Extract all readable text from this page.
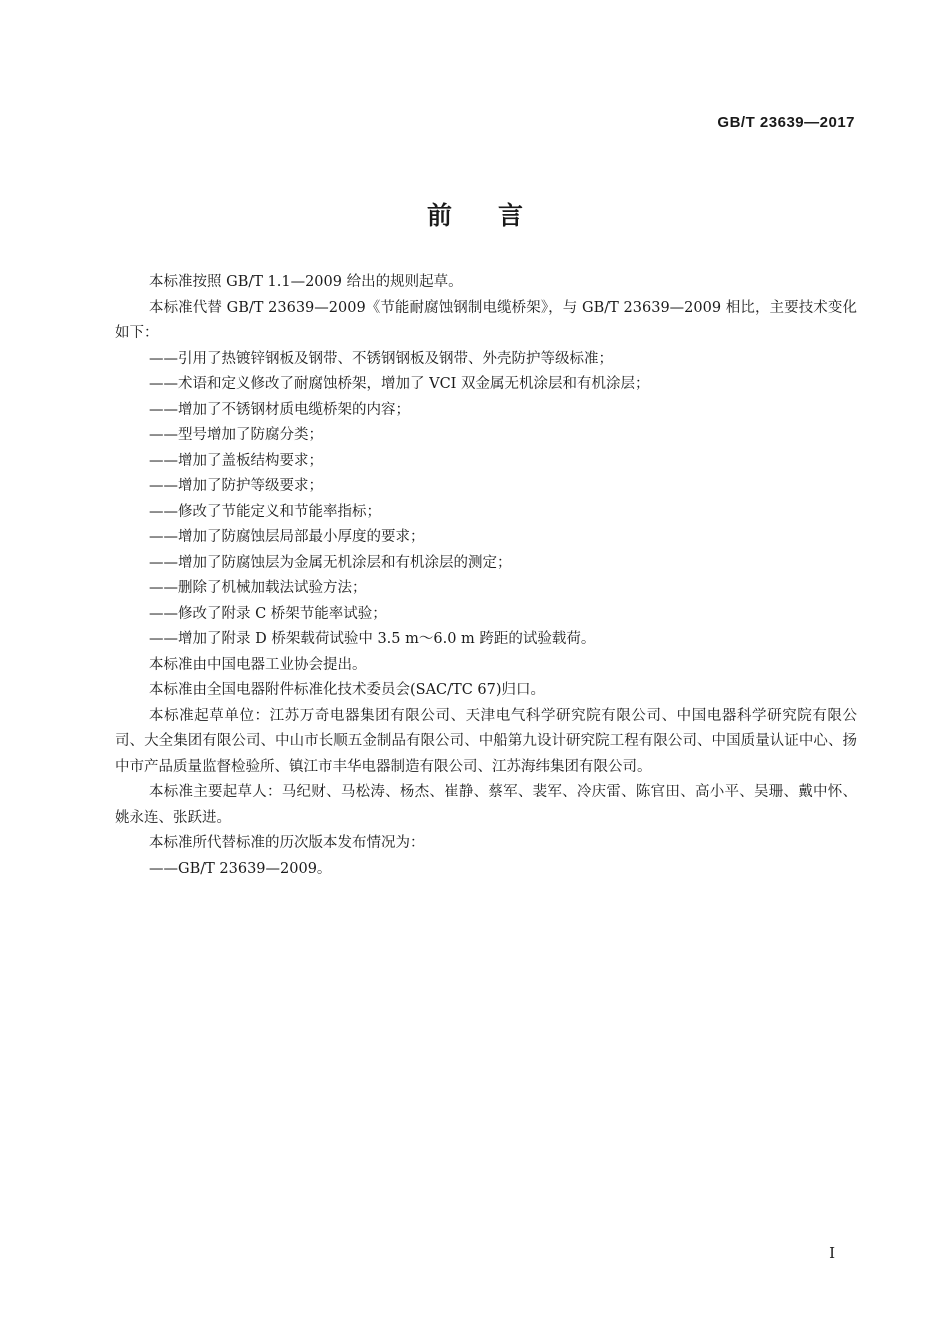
GB/T 23639—2017
前言

本标准按照 GB/T 1.1—2009 给出的规则起草。

本标准代替 GB/T 23639—2009《节能耐腐蚀钢制电缆桥架》，与 GB/T 23639—2009 相比，主要技术变化如下：

——引用了热镀锌钢板及钢带、不锈钢钢板及钢带、外壳防护等级标准；

——术语和定义修改了耐腐蚀桥架，增加了 VCI 双金属无机涂层和有机涂层；

——增加了不锈钢材质电缆桥架的内容；

——型号增加了防腐分类；

——增加了盖板结构要求；

——增加了防护等级要求；

——修改了节能定义和节能率指标；

——增加了防腐蚀层局部最小厚度的要求；

——增加了防腐蚀层为金属无机涂层和有机涂层的测定；

——删除了机械加载法试验方法；

——修改了附录 C 桥架节能率试验；

——增加了附录 D 桥架载荷试验中 3.5 m～6.0 m 跨距的试验载荷。

本标准由中国电器工业协会提出。

本标准由全国电器附件标准化技术委员会(SAC/TC 67)归口。

本标准起草单位：江苏万奇电器集团有限公司、天津电气科学研究院有限公司、中国电器科学研究院有限公司、大全集团有限公司、中山市长顺五金制品有限公司、中船第九设计研究院工程有限公司、中国质量认证中心、扬中市产品质量监督检验所、镇江市丰华电器制造有限公司、江苏海纬集团有限公司。

本标准主要起草人：马纪财、马松涛、杨杰、崔静、蔡军、裴军、冷庆雷、陈官田、高小平、吴珊、戴中怀、姚永连、张跃进。

本标准所代替标准的历次版本发布情况为：

——GB/T 23639—2009。

I
